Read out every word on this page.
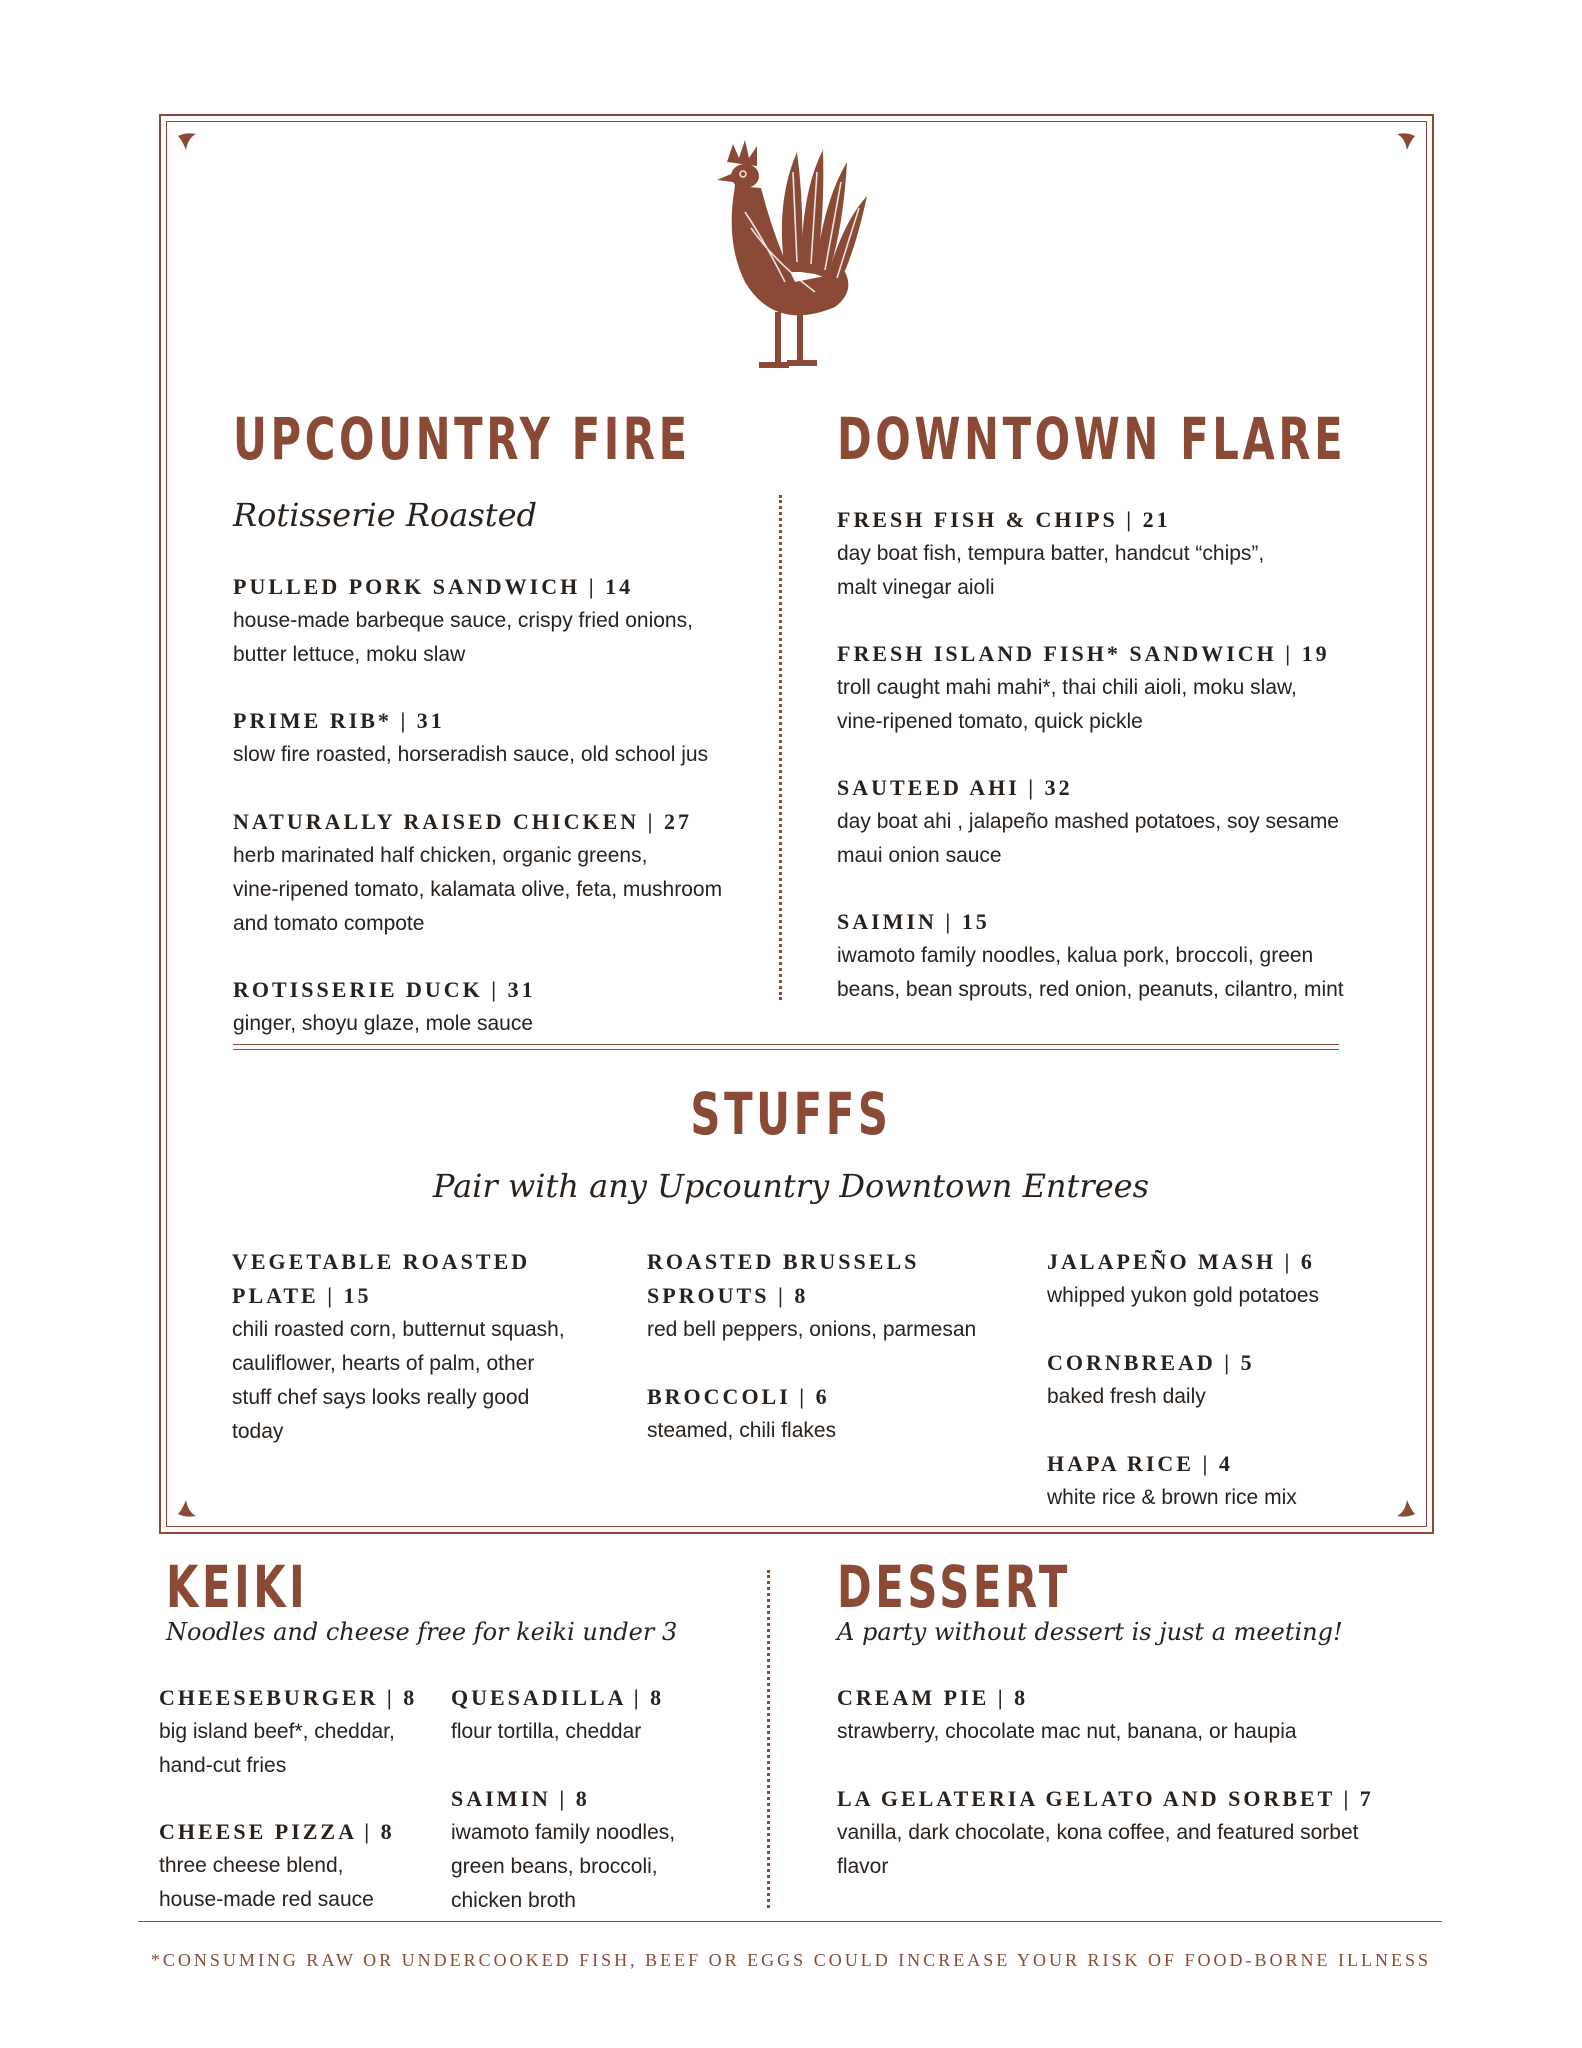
UPCOUNTRY FIRE
Rotisserie Roasted
PULLED PORK SANDWICH | 14
house-made barbeque sauce, crispy fried onions,
butter lettuce, moku slaw
PRIME RIB* | 31
slow fire roasted, horseradish sauce, old school jus
NATURALLY RAISED CHICKEN | 27
herb marinated half chicken, organic greens,
vine-ripened tomato, kalamata olive, feta, mushroom
and tomato compote
ROTISSERIE DUCK | 31
ginger, shoyu glaze, mole sauce
DOWNTOWN FLARE
FRESH FISH & CHIPS | 21
day boat fish, tempura batter, handcut “chips”,
malt vinegar aioli
FRESH ISLAND FISH* SANDWICH | 19
troll caught mahi mahi*, thai chili aioli, moku slaw,
vine-ripened tomato, quick pickle
SAUTEED AHI | 32
day boat ahi , jalapeño mashed potatoes, soy sesame
maui onion sauce
SAIMIN | 15
iwamoto family noodles, kalua pork, broccoli, green
beans, bean sprouts, red onion, peanuts, cilantro, mint
STUFFS
Pair with any Upcountry Downtown Entrees
VEGETABLE ROASTED
PLATE | 15
chili roasted corn, butternut squash,
cauliflower, hearts of palm, other
stuff chef says looks really good
today
ROASTED BRUSSELS
SPROUTS | 8
red bell peppers, onions, parmesan
BROCCOLI | 6
steamed, chili flakes
JALAPEÑO MASH | 6
whipped yukon gold potatoes
CORNBREAD | 5
baked fresh daily
HAPA RICE | 4
white rice & brown rice mix
KEIKI
Noodles and cheese free for keiki under 3
CHEESEBURGER | 8
big island beef*, cheddar,
hand-cut fries
CHEESE PIZZA | 8
three cheese blend,
house-made red sauce
QUESADILLA | 8
flour tortilla, cheddar
SAIMIN | 8
iwamoto family noodles,
green beans, broccoli,
chicken broth
DESSERT
A party without dessert is just a meeting!
CREAM PIE | 8
strawberry, chocolate mac nut, banana, or haupia
LA GELATERIA GELATO AND SORBET | 7
vanilla, dark chocolate, kona coffee, and featured sorbet
flavor
*CONSUMING RAW OR UNDERCOOKED FISH, BEEF OR EGGS COULD INCREASE YOUR RISK OF FOOD-BORNE ILLNESS
